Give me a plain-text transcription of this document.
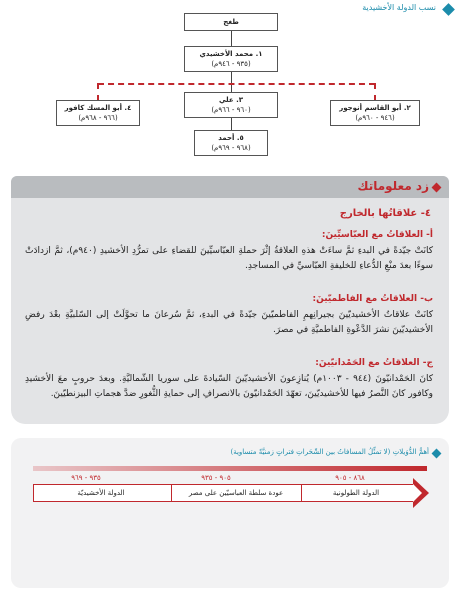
نسب الدولة الأخشيدية
طغج
١. محمد الأخشيدي
(٩٣٥ - ٩٤٦م)
٤. أبو المسك كافور
(٩٦٦ - ٩٦٨م)
٣. علي
(٩٦٠ - ٩٦٦م)	٢. أبو القاسم أنوجور
(٩٤٦ - ٩٦٠م)
٥. أحمد
(٩٦٨ - ٩٦٩م)
زد معلوماتك
٤- علاقاتُها بالخارج
أ- العلاقاتُ مع العبّاسيِّينَ:
كانَتْ جيّدةً في البدءِ ثمَّ ساءَتْ هذهِ العلاقةُ إثْرَ حملةِ العبّاسيِّينَ للقضاءِ على تمرُّدِ الأخشيدِ (٩٤٠م)، ثمَّ ازدادَتْ سوءًا بعدَ منْعِ الدُّعاءِ للخليفةِ العبّاسيِّ في المساجدِ.
ب- العلاقاتُ مع الفاطميّينَ:
كانَتْ علاقاتُ الأخشيديّينَ بجيرانِهمِ الفاطميّينَ جيّدةً في البدءِ، ثمَّ سُرعانَ ما تحوَّلَتْ إلى السّلبيَّةِ بعْدَ رفضِ الأخشيديّينَ نشرَ الدَّعْوةِ الفاطميَّةِ في مصرَ.
ج- العلاقاتُ مع الحَمْدانيّينَ:
كانَ الحَمْدانيّونَ (٩٤٤ - ١٠٠٣م) يُنازِعونَ الأخشيديّينَ السّيادةَ على سوريا الشّماليَّةِ. وبعدَ حروبٍ معَ الأخشيدِ وكافور كانَ النَّصرُ فيها للأخشيديّينَ، تعهّدَ الحَمْدانيّونَ بالانصرافِ إلى حمايةِ الثُّغورِ ضدَّ هجماتِ البيزنطيّينَ.
أهمُّ الدُّوَيلاتِ (لا تمثِّلُ المسافاتُ بين الشّحَراتِ فتراتٍ زمنيَّةً متساوية)
٨٦٨ - ٩٠٥
٩٠٥ - ٩٣٥
٩٣٥ - ٩٦٩
الدولة الطولونية
عودة سلطة العباسيّين على مصر
الدولة الأخشيديّة
